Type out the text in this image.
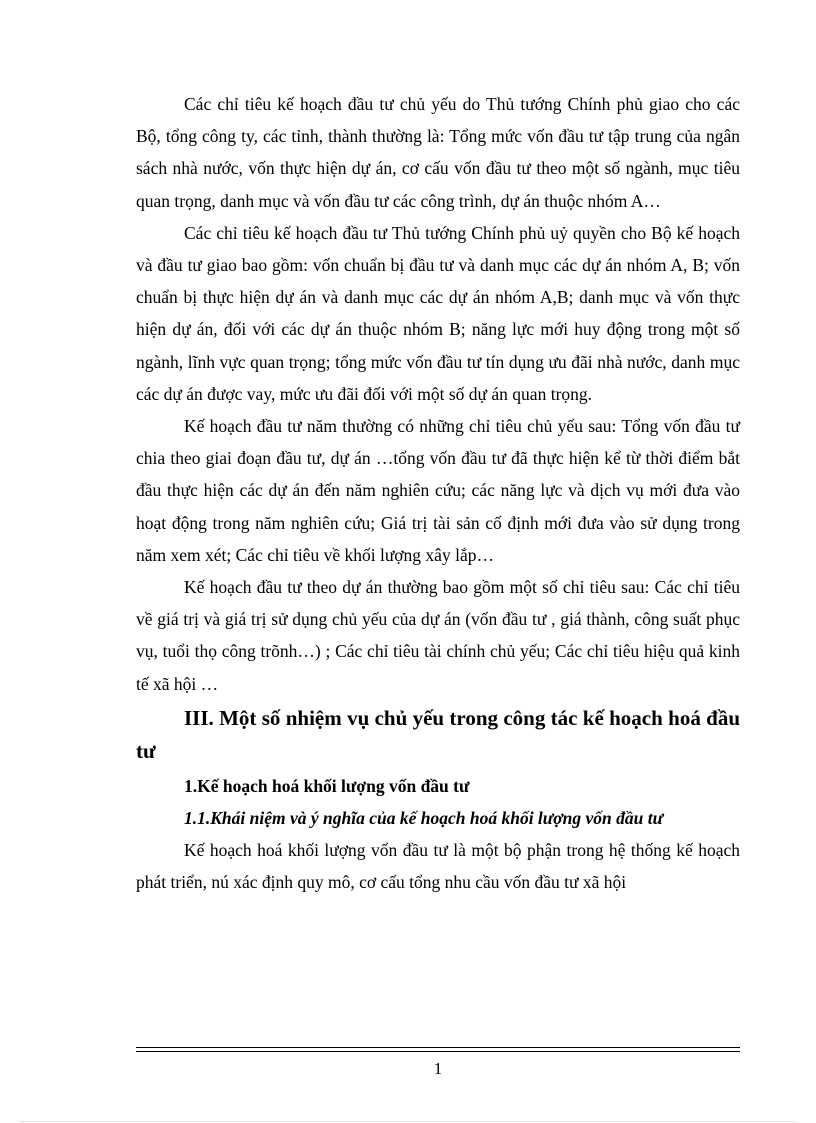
Các chỉ tiêu kế hoạch đầu tư chủ yếu do Thủ tướng Chính phủ giao cho các Bộ, tổng công ty, các tỉnh, thành thường là: Tổng mức vốn đầu tư tập trung của ngân sách nhà nước, vốn thực hiện dự án, cơ cấu vốn đầu tư theo một số ngành, mục tiêu quan trọng, danh mục và vốn đầu tư các công trình, dự án thuộc nhóm A…

Các chỉ tiêu kế hoạch đầu tư Thủ tướng Chính phủ uỷ quyền cho Bộ kế hoạch và đầu tư giao bao gồm: vốn chuẩn bị đầu tư và danh mục các dự án nhóm A, B; vốn chuẩn bị thực hiện dự án và danh mục các dự án nhóm A,B; danh mục và vốn thực hiện dự án, đối với các dự án thuộc nhóm B; năng lực mới huy động trong một số ngành, lĩnh vực quan trọng; tổng mức vốn đầu tư tín dụng ưu đãi nhà nước, danh mục các dự án được vay, mức ưu đãi đối với một số dự án quan trọng.

Kế hoạch đầu tư năm thường có những chỉ tiêu chủ yếu sau: Tổng vốn đầu tư chia theo giai đoạn đầu tư, dự án …tổng vốn đầu tư đã thực hiện kể từ thời điểm bắt đầu thực hiện các dự án đến năm nghiên cứu; các năng lực và dịch vụ mới đưa vào hoạt động trong năm nghiên cứu; Giá trị tài sản cố định mới đưa vào sử dụng trong năm xem xét; Các chỉ tiêu về khối lượng xây lắp…

Kế hoạch đầu tư theo dự án thường bao gồm một số chỉ tiêu sau: Các chỉ tiêu về giá trị và giá trị sử dụng chủ yếu của dự án (vốn đầu tư , giá thành, công suất phục vụ, tuổi thọ công trõnh…) ; Các chỉ tiêu tài chính chủ yếu; Các chỉ tiêu hiệu quả kinh tế xã hội …

III. Một số nhiệm vụ chủ yếu trong công tác kế hoạch hoá đầu tư
1.Kế hoạch hoá khối lượng vốn đầu tư
1.1.Khái niệm và ý nghĩa của kế hoạch hoá khối lượng vốn đầu tư

Kế hoạch hoá khối lượng vốn đầu tư là một bộ phận trong hệ thống kế hoạch phát triển, nú xác định quy mô, cơ cấu tổng nhu cầu vốn đầu tư xã hội

1
